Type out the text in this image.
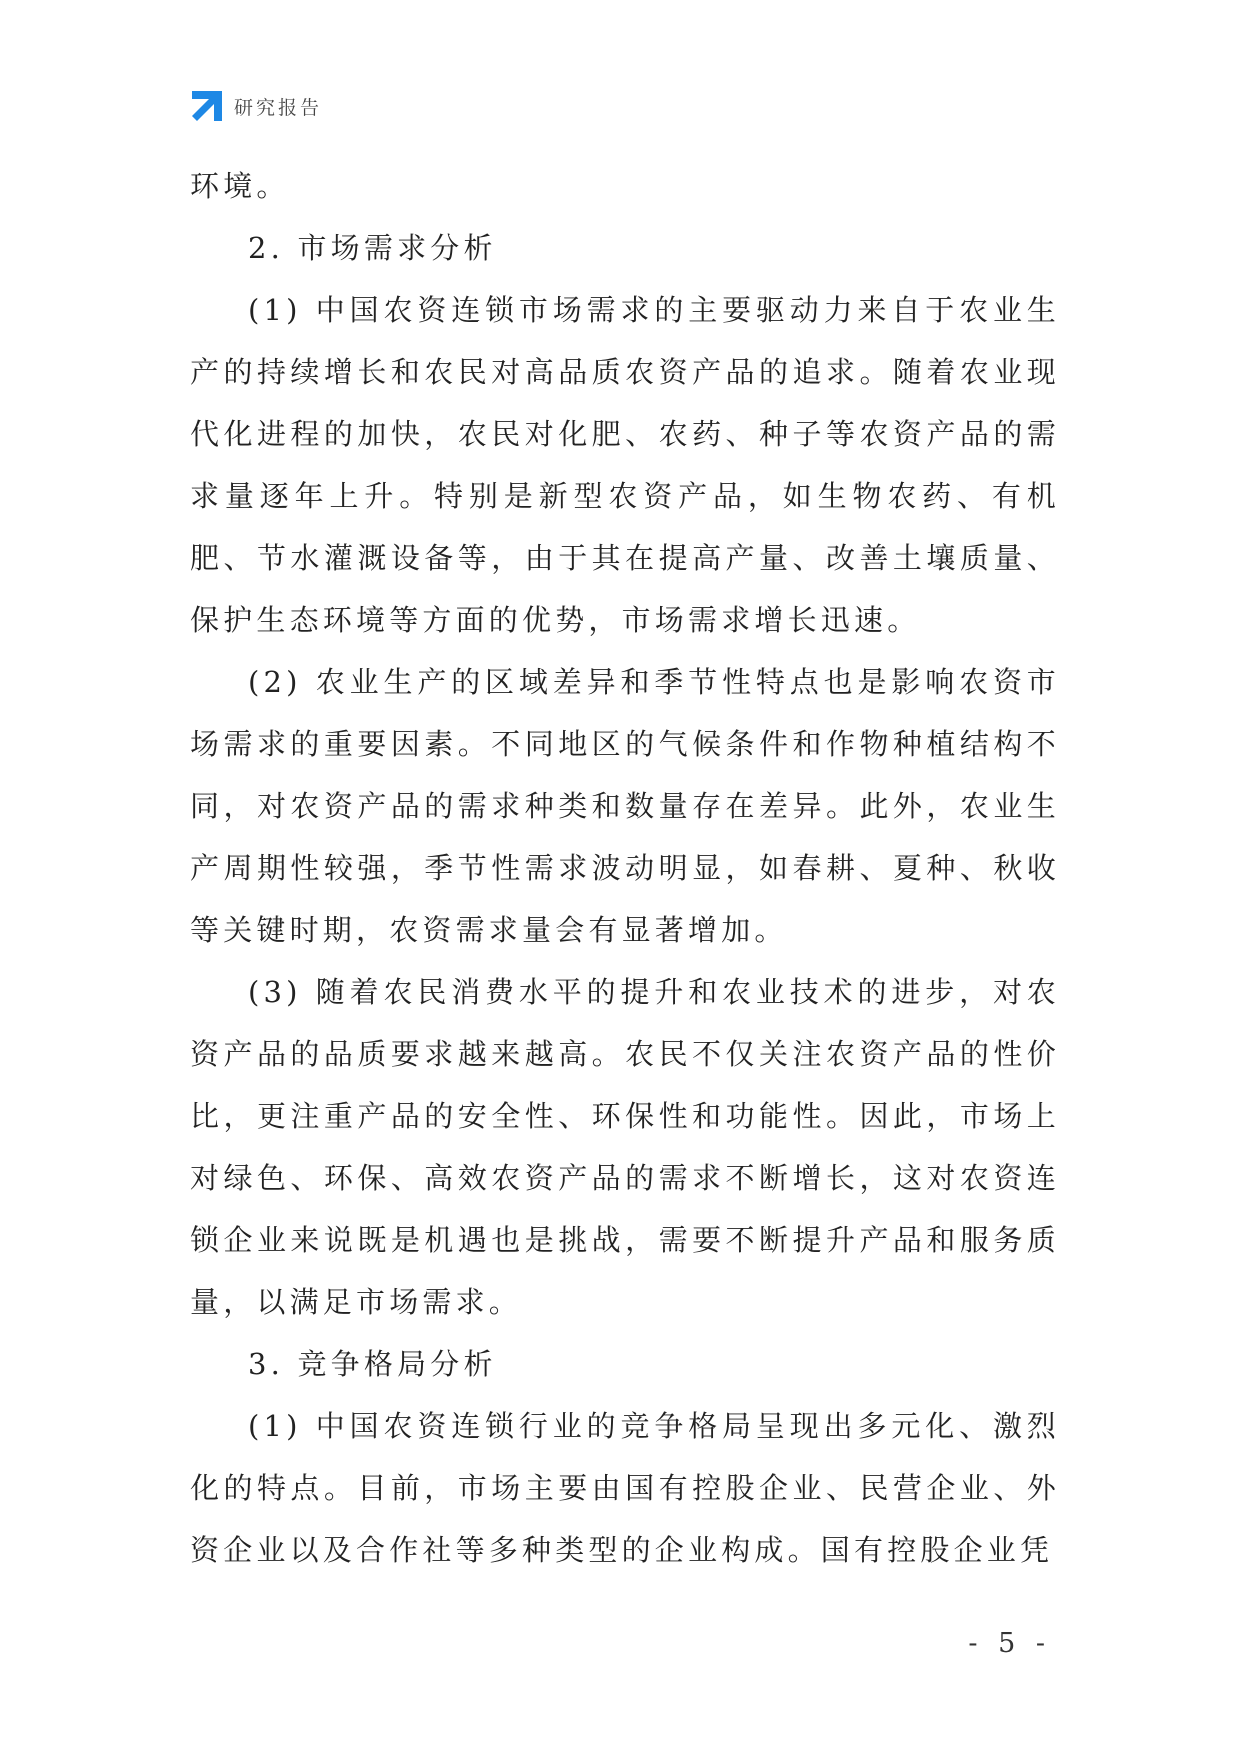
研究报告

环境。

2. 市场需求分析

(1) 中国农资连锁市场需求的主要驱动力来自于农业生产的持续增长和农民对高品质农资产品的追求。随着农业现代化进程的加快，农民对化肥、农药、种子等农资产品的需求量逐年上升。特别是新型农资产品，如生物农药、有机肥、节水灌溉设备等，由于其在提高产量、改善土壤质量、保护生态环境等方面的优势，市场需求增长迅速。

(2) 农业生产的区域差异和季节性特点也是影响农资市场需求的重要因素。不同地区的气候条件和作物种植结构不同，对农资产品的需求种类和数量存在差异。此外，农业生产周期性较强，季节性需求波动明显，如春耕、夏种、秋收等关键时期，农资需求量会有显著增加。

(3) 随着农民消费水平的提升和农业技术的进步，对农资产品的品质要求越来越高。农民不仅关注农资产品的性价比，更注重产品的安全性、环保性和功能性。因此，市场上对绿色、环保、高效农资产品的需求不断增长，这对农资连锁企业来说既是机遇也是挑战，需要不断提升产品和服务质量，以满足市场需求。

3. 竞争格局分析

(1) 中国农资连锁行业的竞争格局呈现出多元化、激烈化的特点。目前，市场主要由国有控股企业、民营企业、外资企业以及合作社等多种类型的企业构成。国有控股企业凭

- 5 -
